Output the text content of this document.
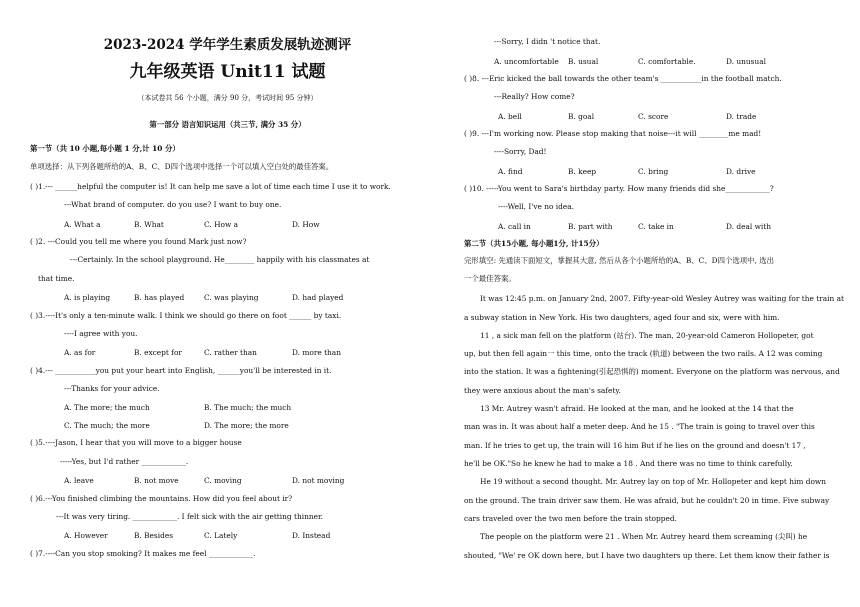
2023-2024 学年学生素质发展轨迹测评
九年级英语 Unit11 试题
（本试卷共 56 个小题，满分 90 分，考试时间 95 分钟）
第一部分 语言知识运用（共三节, 满分 35 分）
第一节（共 10 小题,每小题 1 分,计 10 分）
单项选择：从下列各题所给的A、B、C、D四个选项中选择一个可以填入空白处的最佳答案。
( )1.--- ______helpful the computer is! It can help me save a lot of time each time I use it to work.
---What brand of computer. do you use? I want to buy one.
A. What a	B. What	C. How a	D. How
( )2. ---Could you tell me where you found Mark just now?
---Certainly. In the school playground. He________ happily with his classmates at
that time.
A. is playing	B. has played	C. was playing	D. had played
( )3.----It's only a ten-minute walk. I think we should go there on foot ______ by taxi.
----I agree with you.
A. as for	B. except for	C. rather than	D. more than
( )4.--- ___________you put your heart into English, ______you'll be interested in it.
---Thanks for your advice.
A. The more; the much	B. The much; the much
C. The much; the more	D. The more; the more
( )5.----Jason, I hear that you will move to a bigger house
-----Yes, but I'd rather ____________.
A. leave	B. not move	C. moving	D. not moving
( )6.---You finished climbing the mountains. How did you feel about ir?
---It was very tiring. ____________. I felt sick with the air getting thinner.
A. However	B. Besides	C. Lately	D. Instead
( )7.----Can you stop smoking? It makes me feel ____________.
---Sorry, I didn 't notice that.
A. uncomfortable B. usual	C. comfortable.	D. unusual
( )8. ---Eric kicked the ball towards the other team's ___________in the football match.
---Really? How come?
A. bell	B. goal	C. score	D. trade
( )9. ---I'm working now. Please stop making that noise---it will ________me mad!
----Sorry, Dad!
A. find	B. keep	C. bring	D. drive
( )10. -----You went to Sara's birthday party. How many friends did she____________?
----Well, I've no idea.
A. call in	B. part with	C. take in	D. deal with
第二节（共15小题, 每小题1分, 计15分）
完形填空: 先通读下面短文，掌握其大意, 然后从各个小题所给的A、B、C、D四个选项中, 选出
一个最佳答案。
It was 12:45 p.m. on January 2nd, 2007. Fifty-year-old Wesley Autrey was waiting for the train at
a subway station in New York. His two daughters, aged four and six, were with him.
11 , a sick man fell on the platform (站台). The man, 20-year-old Cameron Hollopeter, got
up, but then fell again一 this time, onto the track (轨道) between the two rails. A 12 was coming
into the station. It was a fightening(引起恐惧的) moment. Everyone on the platform was nervous, and
they were anxious about the man's safety.
13 Mr. Autrey wasn't afraid. He looked at the man, and he looked at the 14 that the
man was in. It was about half a meter deep. And he 15 . "The train is going to travel over this
man. If he tries to get up, the train will 16 him But if he lies on the ground and doesn't 17 ,
he'll be OK."So he knew he had to make a 18 . And there was no time to think carefully.
He 19 without a second thought. Mr. Autrey lay on top of Mr. Hollopeter and kept him down
on the ground. The train driver saw them. He was afraid, but he couldn't 20 in time. Five subway
cars traveled over the two men before the train stopped.
The people on the platform were 21 . When Mr. Autrey heard them screaming (尖叫) he
shouted, "We' re OK down here, but I have two daughters up there. Let them know their father is
